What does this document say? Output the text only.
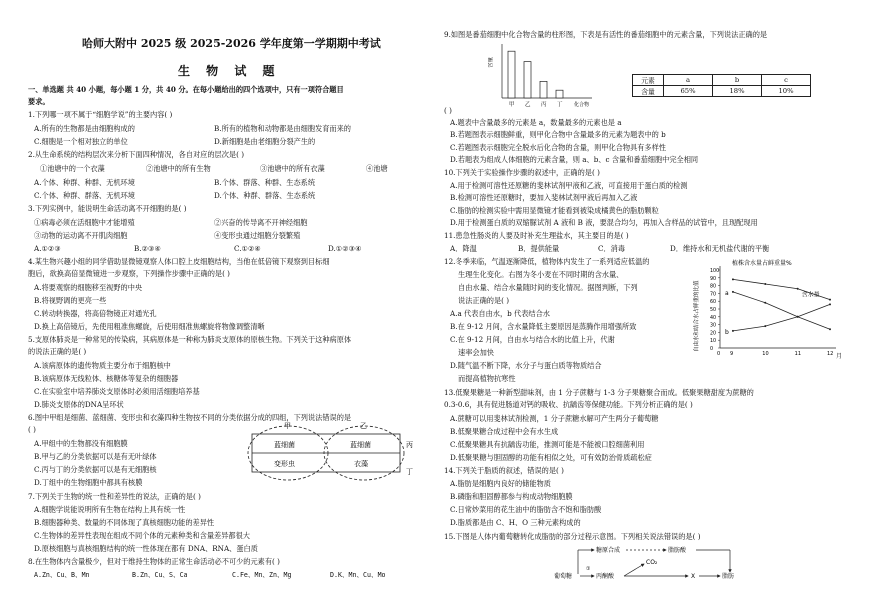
哈师大附中 2025 级 2025-2026 学年度第一学期期中考试
生 物 试 题
一、单选题 共 40 小题，每小题 1 分，共 40 分。在每小题给出的四个选项中，只有一项符合题目
要求。
1.下列哪一项不属于“细胞学说”的主要内容( )
A.所有的生物都是由细胞构成的	B.所有的植物和动物都是由细胞发育而来的
C.细胞是一个相对独立的单位	D.新细胞是由老细胞分裂产生的
2.从生命系统的结构层次来分析下面四种情况，各自对应的层次是( )
①池塘中的一个衣藻	②池塘中的所有生物	③池塘中的所有衣藻	④池塘
A.个体、种群、种群、无机环境	B.个体、群落、种群、生态系统
C.个体、种群、群落、无机环境	D.个体、种群、群落、生态系统
3.下列实例中，能说明生命活动离不开细胞的是( )
①病毒必须在活细胞中才能增殖	②兴奋的传导离不开神经细胞
③动物的运动离不开肌肉细胞	④变形虫通过细胞分裂繁殖
A.①②③	B.②③④	C.①②④	D.①②③④
4.某生物兴趣小组的同学借助显微镜观察人体口腔上皮细胞结构，当他在低倍镜下观察到目标细
胞后，欲换高倍显微镜进一步观察，下列操作步骤中正确的是( )
A.将要观察的细胞移至视野的中央
B.将视野调的更亮一些
C.转动转换器，将高倍物镜正对通光孔
D.换上高倍镜后，先使用粗准焦螺旋，后使用细准焦螺旋将物像调整清晰
5.支原体肺炎是一种常见的传染病，其病原体是一种称为肺炎支原体的原核生物。下列关于这种病原体
的说法正确的是( )
A.该病原体的遗传物质主要分布于细胞核中
B.该病原体无线粒体、核糖体等复杂的细胞器
C.在实验室中培养肺炎支原体时必须用活细胞培养基
D.肺炎支原体的DNA呈环状
6.图中甲组是细菌、蓝细菌、变形虫和衣藻四种生物按不同的分类依据分成的四组，下列说法错误的是
( )
A.甲组中的生物都没有细胞膜
B.甲与乙的分类依据可以是有无叶绿体
C.丙与丁的分类依据可以是有无细胞核
D.丁组中的生物细胞中都具有核膜
甲	乙
蓝细菌	蓝细菌
变形虫	衣藻
丙
丁
7.下列关于生物的统一性和差异性的说法，正确的是( )
A.细胞学说能说明所有生物在结构上具有统一性
B.细胞器种类、数量的不同体现了真核细胞功能的差异性
C.生物体的差异性表现在组成不同个体的元素种类和含量差异都很大
D.原核细胞与真核细胞结构的统一性体现在都有 DNA、RNA、蛋白质
8.在生物体内含量极少，但对于维持生物体的正常生命活动必不可少的元素有( )
A.Zn、Cu、B、Mn	B.Zn、Cu、S、Ca	C.Fe、Mn、Zn、Mg	D.K、Mn、Cu、Mo
9.如图是番茄细胞中化合物含量的柱形图，下表是有活性的番茄细胞中的元素含量，下列说法正确的是
( )
含量
甲 乙 丙 丁 化合物
元素	a	b	c
含量	65%	18%	10%
A.题表中含量最多的元素是 a，数量最多的元素也是 a
B.若题图表示细胞鲜重，则甲化合物中含量最多的元素为题表中的 b
C.若题图表示细胞完全脱水后化合物的含量，则甲化合物具有多样性
D.若题表为组成人体细胞的元素含量，则 a、b、c 含量和番茄细胞中完全相同
10.下列关于实验操作步骤的叙述中，正确的是( )
A.用于检测可溶性还原糖的斐林试剂甲液和乙液，可直接用于蛋白质的检测
B.检测可溶性还原糖时，要加入斐林试剂甲液后再加入乙液
C.脂肪的检测实验中需用显微镜才能看到被染成橘黄色的脂肪颗粒
D.用于检测蛋白质的双缩脲试剂 A 液和 B 液，要混合均匀，再加入含样品的试管中，且现配现用
11.患急性肠炎的人要及时补充生理盐水，其主要目的是( )
A．降温	B．提供能量	C．消毒	D．维持水和无机盐代谢的平衡
12.冬季来临，气温逐渐降低，植物体内发生了一系列适应低温的
生理生化变化。右图为冬小麦在不同时期的含水量、
自由水量、结合水量随时间的变化情况。据图判断，下列
说法正确的是( )
A.a 代表自由水，b 代表结合水
B.在 9-12 月间，含水量降低主要原因是蒸腾作用增强所致
C.在 9-12 月间，自由水与结合水的比值上升，代谢
速率会加快
D.随气温不断下降，水分子与蛋白质等物质结合
而提高植物抗寒性
植株含水量占鲜重量%
自由水和结合水占鲜重的比值 0
10
20
30
40
50
60
70
80
90
100
0 9	10	11	12
含水量
a
b
月
13.低聚果糖是一种新型甜味剂，由 1 分子蔗糖与 1-3 分子果糖聚合而成。低聚果糖甜度为蔗糖的
0.3-0.6，具有促进肠道对钙的吸收、抗龋齿等保健功能。下列分析正确的是( )
A.蔗糖可以用斐林试剂检测，1 分子蔗糖水解可产生两分子葡萄糖
B.低聚果糖合成过程中会有水生成
C.低聚果糖具有抗龋齿功能，推测可能是不能被口腔细菌利用
D.低聚果糖与胆固醇的功能有相似之处，可有效防治骨质疏松症
14.下列关于脂质的叙述，错误的是( )
A.脂肪是细胞内良好的储能物质
B.磷脂和胆固醇都参与构成动物细胞膜
C.日常炒菜用的花生油中的脂肪含不饱和脂肪酸
D.脂质都是由 C、H、O 三种元素构成的
15.下图是人体内葡萄糖转化成脂肪的部分过程示意图。下列相关说法错误的是( )
葡萄糖
①
丙酮酸
糖原合成	脂肪酸
CO₂
X	脂肪
